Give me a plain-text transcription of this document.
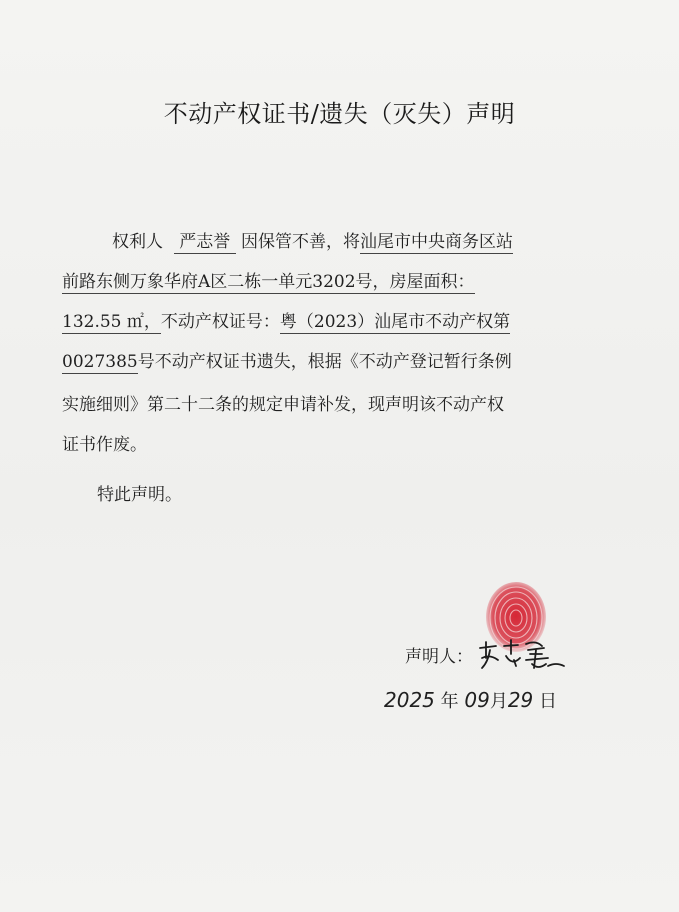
不动产权证书/遗失（灭失）声明
权利人 严志誉 因保管不善，将汕尾市中央商务区站
前路东侧万象华府A区二栋一单元3202号，房屋面积：
132.55 ㎡，不动产权证号：粤（2023）汕尾市不动产权第
0027385号不动产权证书遗失，根据《不动产登记暂行条例
实施细则》第二十二条的规定申请补发，现声明该不动产权
证书作废。
特此声明。
声明人：
2025 年 09月29 日
